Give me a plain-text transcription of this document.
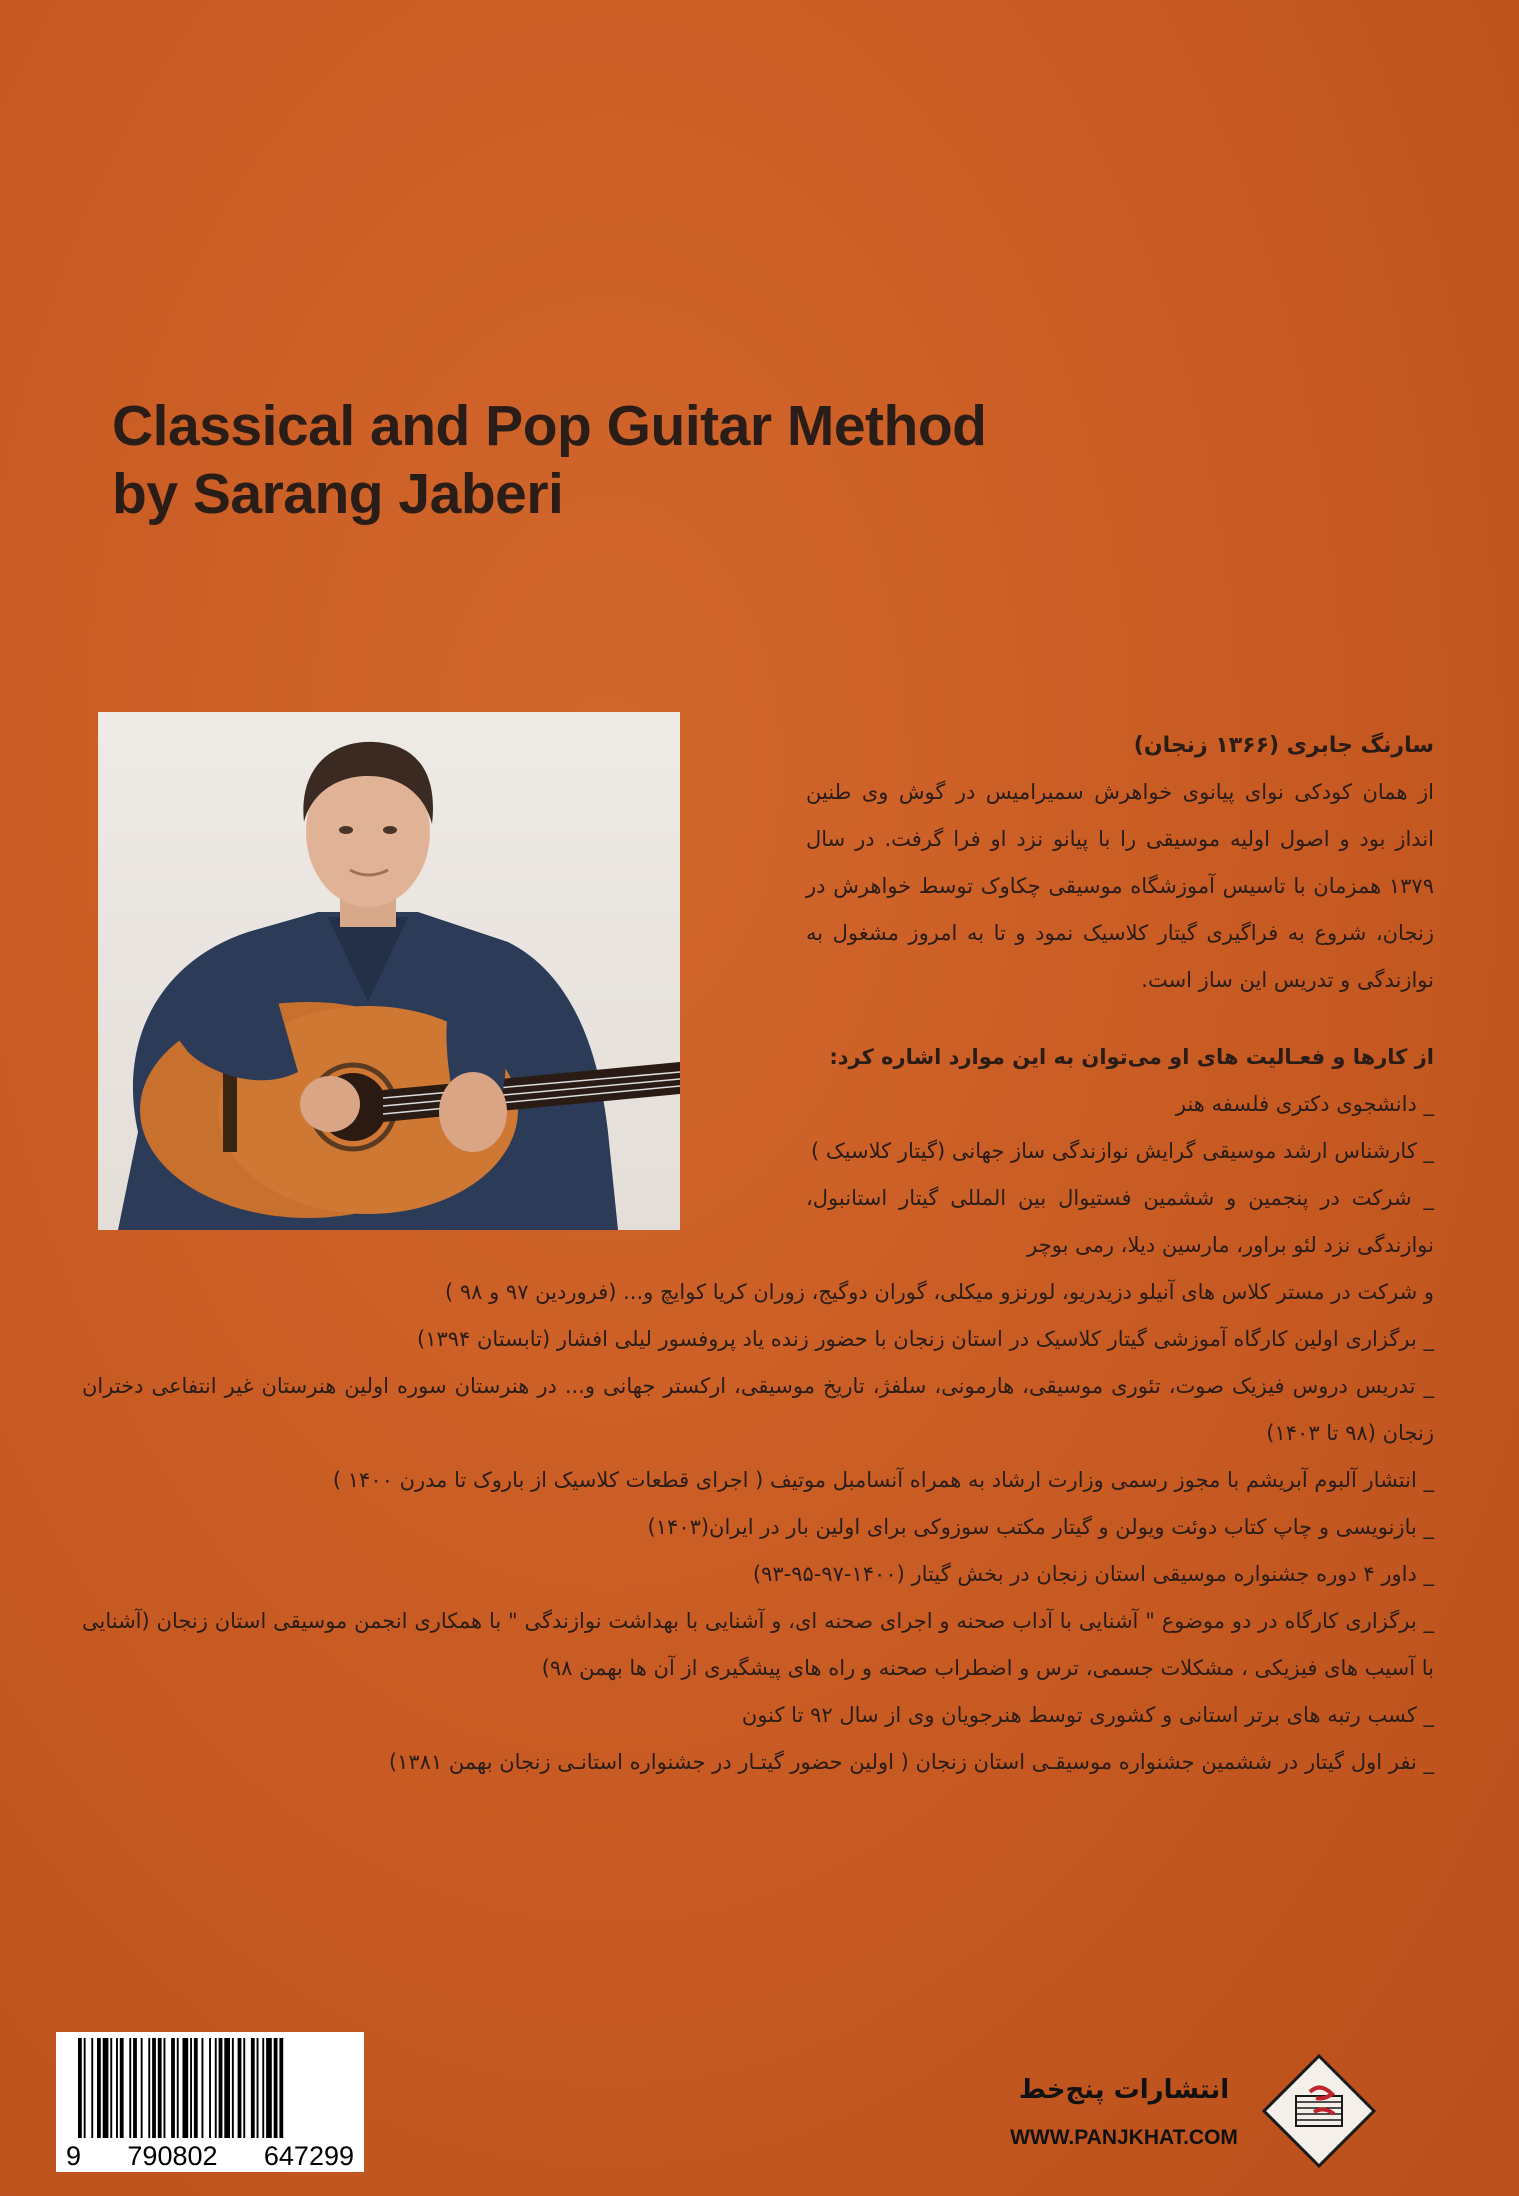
Classical and Pop Guitar Method
by Sarang Jaberi

سارنگ جابری (۱۳۶۶ زنجان)

از همان کودکی نوای پیانوی خواهرش سمیرامیس در گوش وی طنین انداز بود و اصول اولیه موسیقی را با پیانو نزد او فرا گرفت. در سال ۱۳۷۹ همزمان با تاسیس آموزشگاه موسیقی چکاوک توسط خواهرش در زنجان، شروع به فراگیری گیتار کلاسیک نمود و تا به امروز مشغول به نوازندگی و تدریس این ساز است.

از کارها و فعـالیت های او می‌توان به این موارد اشاره کرد:

_ دانشجوی دکتری فلسفه هنر
_ کارشناس ارشد موسیقی گرایش نوازندگی ساز جهانی (گیتار کلاسیک )
_ شرکت در پنجمین و ششمین فستیوال بین المللی گیتار استانبول، نوازندگی نزد لئو براور، مارسین دیلا، رمی بوچر
و شرکت در مستر کلاس های آنیلو دزیدریو، لورنزو میکلی، گوران دوگیج، زوران کریا کوایچ و... (فروردین ۹۷ و ۹۸ )
_ برگزاری اولین کارگاه آموزشی گیتار کلاسیک در استان زنجان با حضور زنده یاد پروفسور لیلی افشار (تابستان ۱۳۹۴)
_ تدریس دروس فیزیک صوت، تئوری موسیقی، هارمونی، سلفژ، تاریخ موسیقی، ارکستر جهانی و... در هنرستان سوره اولین هنرستان غیر انتفاعی دختران زنجان (۹۸ تا ۱۴۰۳)
_ انتشار آلبوم آبریشم با مجوز رسمی وزارت ارشاد به همراه آنسامبل موتیف ( اجرای قطعات کلاسیک از باروک تا مدرن ۱۴۰۰ )
_ بازنویسی و چاپ کتاب دوئت ویولن و گیتار مکتب سوزوکی برای اولین بار در ایران(۱۴۰۳)
_ داور ۴ دوره جشنواره موسیقی استان زنجان در بخش گیتار (۱۴۰۰-۹۷-۹۵-۹۳)
_ برگزاری کارگاه در دو موضوع " آشنایی با آداب صحنه و اجرای صحنه ای، و آشنایی با بهداشت نوازندگی " با همکاری انجمن موسیقی استان زنجان (آشنایی با آسیب های فیزیکی ، مشکلات جسمی، ترس و اضطراب صحنه و راه های پیشگیری از آن ها بهمن ۹۸)
_ کسب رتبه های برتر استانی و کشوری توسط هنرجویان وی از سال ۹۲ تا کنون
_ نفر اول گیتار در ششمین جشنواره موسیقـی استان زنجان ( اولین حضور گیتـار در جشنواره استانـی زنجان بهمن ۱۳۸۱)
9 790802 647299
انتشارات پنج‌خط
WWW.PANJKHAT.COM
